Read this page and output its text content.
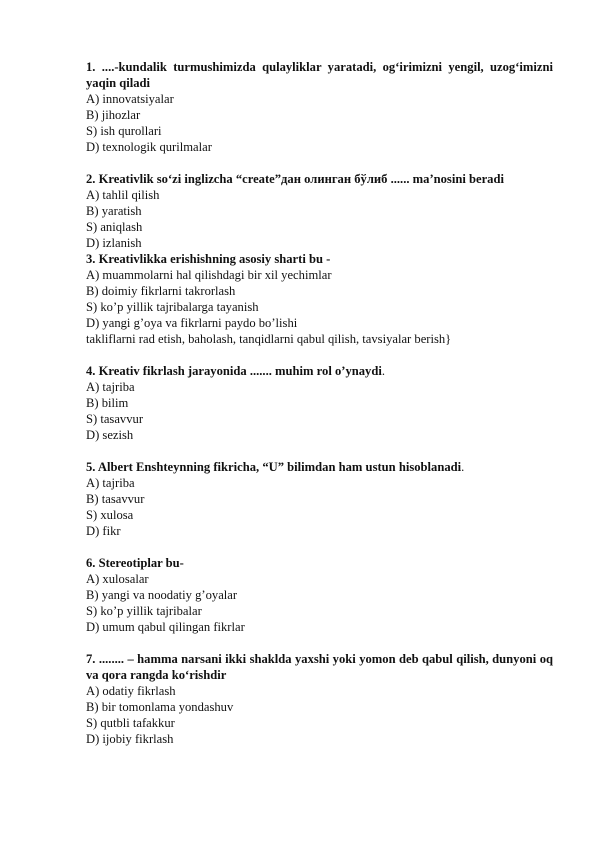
1. ....-kundalik turmushimizda qulayliklar yaratadi, og‘irimizni yengil, uzog‘imizni yaqin qiladi

A) innovatsiyalar

B) jihozlar

S) ish qurollari

D) texnologik qurilmalar

2. Kreativlik so‘zi inglizcha “create”дан олинган бўлиб ...... ma’nosini beradi

A) tahlil qilish

B) yaratish

S) aniqlash

D) izlanish

3. Kreativlikka erishishning asosiy sharti bu -

A) muammolarni hal qilishdagi bir xil yechimlar

B) doimiy fikrlarni takrorlash

S) ko’p yillik tajribalarga tayanish

D) yangi g’oya va fikrlarni paydo bo’lishi

takliflarni rad etish, baholash, tanqidlarni qabul qilish, tavsiyalar berish}

4. Kreativ fikrlash jarayonida ....... muhim rol o’ynaydi.

A) tajriba

B) bilim

S) tasavvur

D) sezish

5. Albert Enshteynning fikricha, “U” bilimdan ham ustun hisoblanadi.

A) tajriba

B) tasavvur

S) xulosa

D) fikr

6. Stereotiplar bu-

A) xulosalar

B) yangi va noodatiy g’oyalar

S) ko’p yillik tajribalar

D) umum qabul qilingan fikrlar

7. ........ – hamma narsani ikki shaklda yaxshi yoki yomon deb qabul qilish, dunyoni oq va qora rangda ko‘rishdir

A) odatiy fikrlash

B) bir tomonlama yondashuv

S) qutbli tafakkur

D) ijobiy fikrlash
